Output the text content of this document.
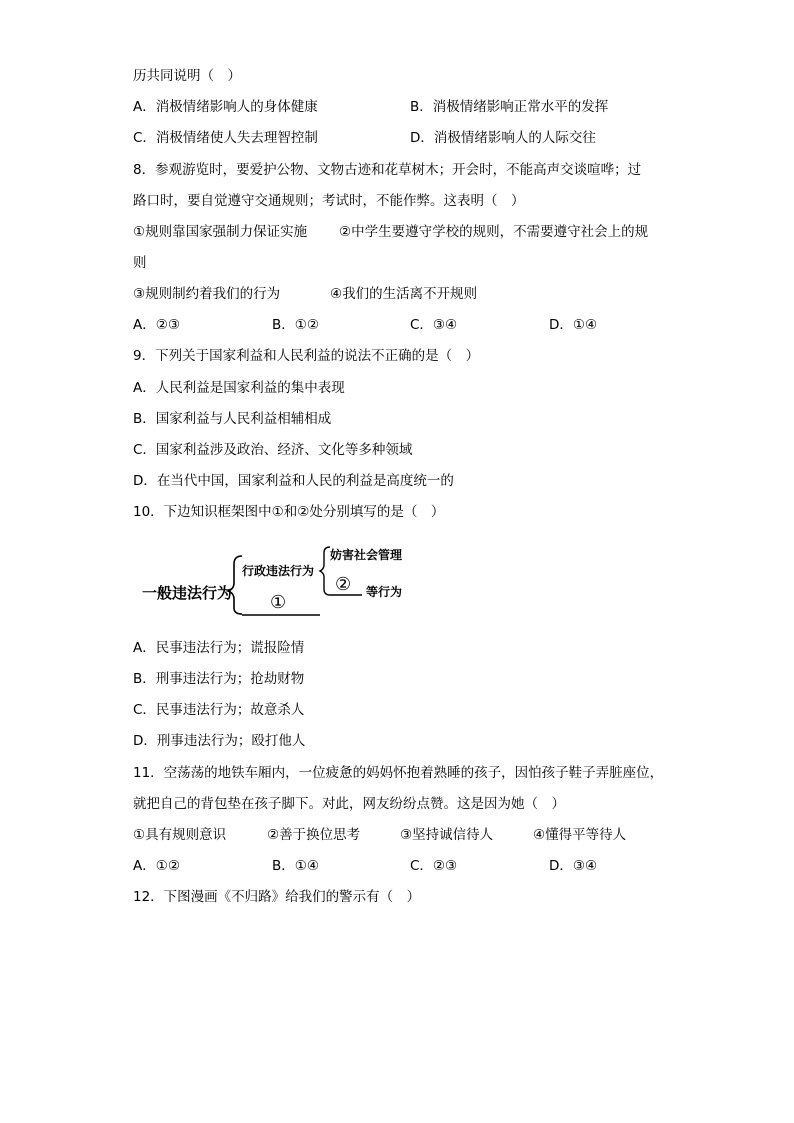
历共同说明（　）
A．消极情绪影响人的身体健康	B．消极情绪影响正常水平的发挥
C．消极情绪使人失去理智控制	D．消极情绪影响人的人际交往
8．参观游览时，要爱护公物、文物古迹和花草树木；开会时，不能高声交谈喧哗；过
路口时，要自觉遵守交通规则；考试时，不能作弊。这表明（　）
①规则靠国家强制力保证实施 ②中学生要遵守学校的规则，不需要遵守社会上的规
则
③规则制约着我们的行为	④我们的生活离不开规则
A．②③	B．①②	C．③④	D．①④
9．下列关于国家利益和人民利益的说法不正确的是（　）
A．人民利益是国家利益的集中表现
B．国家利益与人民利益相辅相成
C．国家利益涉及政治、经济、文化等多种领域
D．在当代中国，国家利益和人民的利益是高度统一的
10．下边知识框架图中①和②处分别填写的是（　）
一般违法行为
行政违法行为
妨害社会管理
② 等行为
①
A．民事违法行为；谎报险情
B．刑事违法行为；抢劫财物
C．民事违法行为；故意杀人
D．刑事违法行为；殴打他人
11．空荡荡的地铁车厢内，一位疲惫的妈妈怀抱着熟睡的孩子，因怕孩子鞋子弄脏座位，
就把自己的背包垫在孩子脚下。对此，网友纷纷点赞。这是因为她（　）
①具有规则意识	②善于换位思考	③坚持诚信待人	④懂得平等待人
A．①②	B．①④	C．②③	D．③④
12．下图漫画《不归路》给我们的警示有（　）
